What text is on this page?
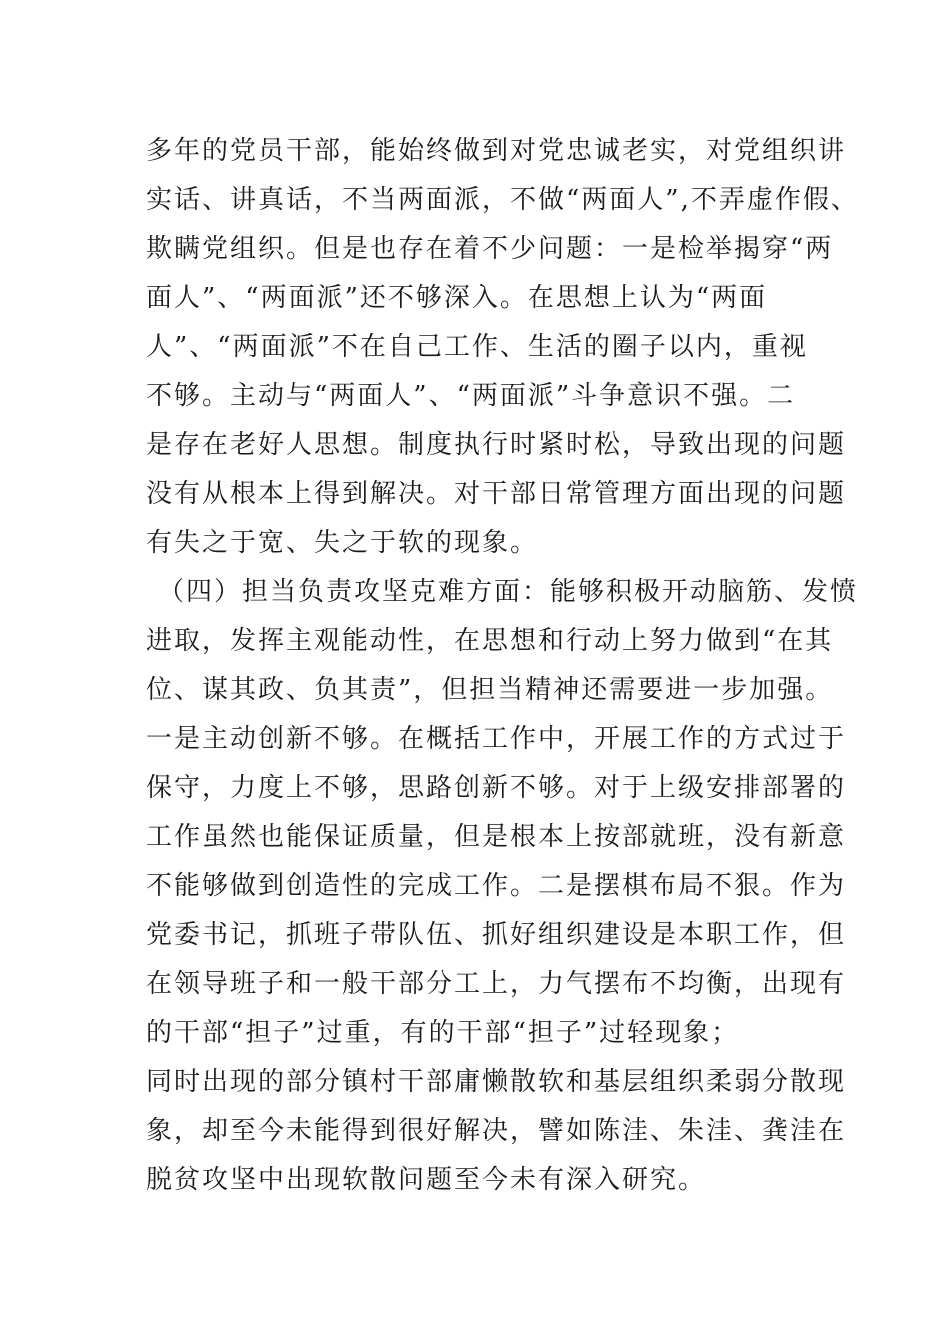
多年的党员干部，能始终做到对党忠诚老实，对党组织讲
实话、讲真话，不当两面派，不做“两面人”,不弄虚作假、
欺瞒党组织。但是也存在着不少问题：一是检举揭穿“两
面人”、“两面派”还不够深入。在思想上认为“两面
人”、“两面派”不在自己工作、生活的圈子以内，重视
不够。主动与“两面人”、“两面派”斗争意识不强。二
是存在老好人思想。制度执行时紧时松，导致出现的问题
没有从根本上得到解决。对干部日常管理方面出现的问题
有失之于宽、失之于软的现象。
（四）担当负责攻坚克难方面：能够积极开动脑筋、发愤
进取，发挥主观能动性，在思想和行动上努力做到“在其
位、谋其政、负其责”，但担当精神还需要进一步加强。
一是主动创新不够。在概括工作中，开展工作的方式过于
保守，力度上不够，思路创新不够。对于上级安排部署的
工作虽然也能保证质量，但是根本上按部就班，没有新意
不能够做到创造性的完成工作。二是摆棋布局不狠。作为
党委书记，抓班子带队伍、抓好组织建设是本职工作，但
在领导班子和一般干部分工上，力气摆布不均衡，出现有
的干部“担子”过重，有的干部“担子”过轻现象；
同时出现的部分镇村干部庸懒散软和基层组织柔弱分散现
象，却至今未能得到很好解决，譬如陈洼、朱洼、龚洼在
脱贫攻坚中出现软散问题至今未有深入研究。
